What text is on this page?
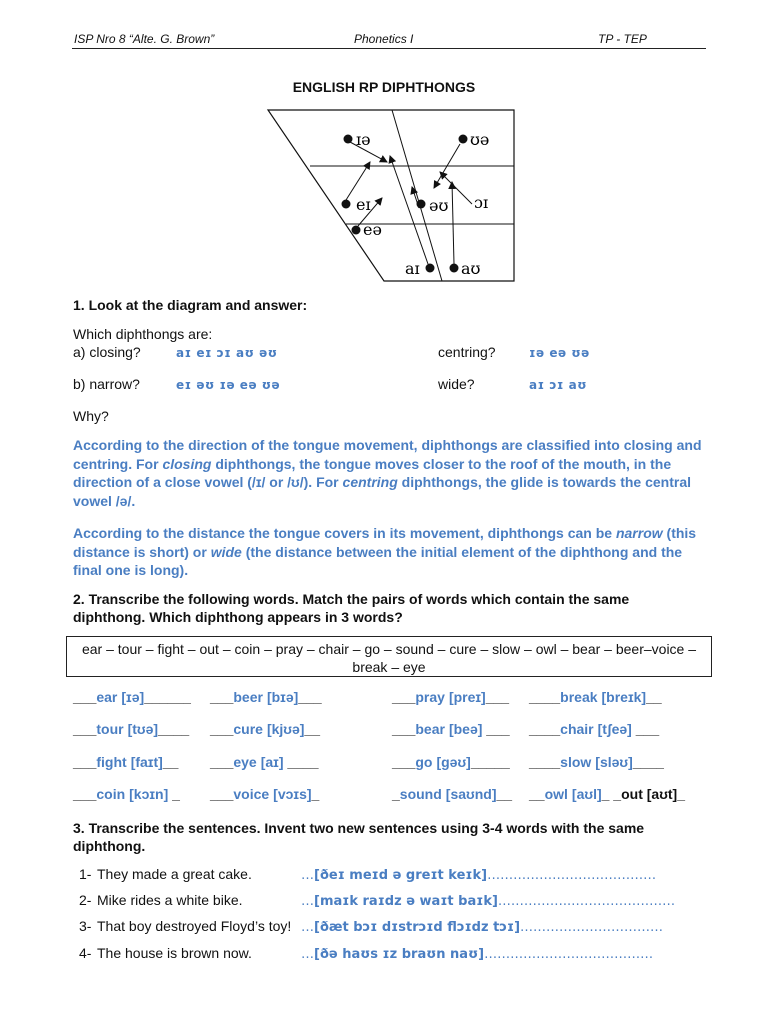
ISP Nro 8 “Alte. G. Brown”	Phonetics I	TP - TEP
ENGLISH RP DIPHTHONGS
ɪə	ʊə
eɪ	əʊ ɔɪ
eə
aɪ	aʊ
1. Look at the diagram and answer:
Which diphthongs are:
a) closing?	aɪ eɪ ɔɪ aʊ əʊ	centring?	ɪə eə ʊə
b) narrow?	eɪ əʊ ɪə eə ʊə	wide?	aɪ ɔɪ aʊ
Why?
According to the direction of the tongue movement, diphthongs are classified into closing and centring. For closing diphthongs, the tongue moves closer to the roof of the mouth, in the direction of a close vowel (/ɪ/ or /ʊ/). For centring diphthongs, the glide is towards the central vowel /ə/.
According to the distance the tongue covers in its movement, diphthongs can be narrow (this distance is short) or wide (the distance between the initial element of the diphthong and the final one is long).
2. Transcribe the following words. Match the pairs of words which contain the same diphthong. Which diphthong appears in 3 words?
ear – tour – fight – out – coin – pray – chair – go – sound – cure – slow – owl – bear – beer–voice – break – eye
___ear [ɪə]______ ___beer [bɪə]___	___pray [preɪ]___ ____break [breɪk]__
___tour [tʊə]____ ___cure [kjʊə]__	___bear [beə] ___ ____chair [tʃeə] ___
___fight [faɪt]__ ___eye [aɪ] ____	___go [gəʊ]_____ ____slow [sləʊ]____
___coin [kɔɪn] _ ___voice [vɔɪs]_	_sound [saʊnd]__ __owl [aʊl]_ _out [aʊt]_
3. Transcribe the sentences. Invent two new sentences using 3-4 words with the same diphthong.
1- They made a great cake.	…[ðeɪ meɪd ə greɪt keɪk]…………………………………
2- Mike rides a white bike.	…[maɪk raɪdz ə waɪt baɪk]……………..……………………
3- That boy destroyed Floyd’s toy! …[ðæt bɔɪ dɪstrɔɪd flɔɪdz tɔɪ]……………………………
4- The house is brown now.	…[ðə haʊs ɪz braʊn naʊ]…………………………………
